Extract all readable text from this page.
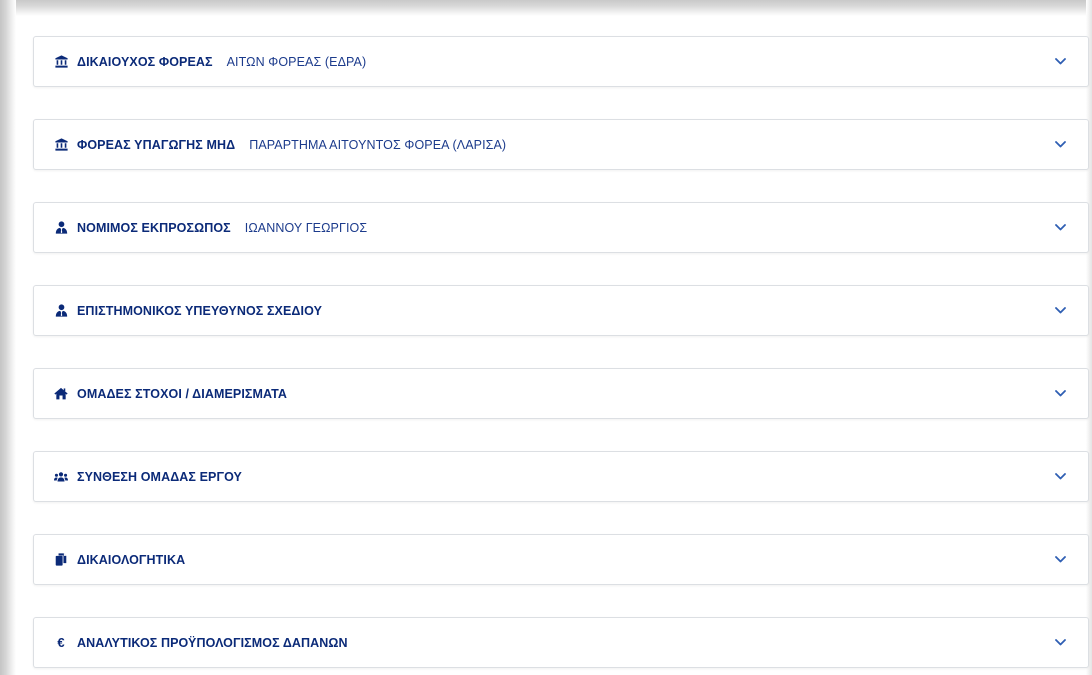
ΔΙΚΑΙΟΥΧΟΣ ΦΟΡΕΑΣ ΑΙΤΩΝ ΦΟΡΕΑΣ (ΕΔΡΑ)
ΦΟΡΕΑΣ ΥΠΑΓΩΓΗΣ ΜΗΔ ΠΑΡΑΡΤΗΜΑ ΑΙΤΟΥΝΤΟΣ ΦΟΡΕΑ (ΛΑΡΙΣΑ)
ΝΟΜΙΜΟΣ ΕΚΠΡΟΣΩΠΟΣ ΙΩΑΝΝΟΥ ΓΕΩΡΓΙΟΣ
ΕΠΙΣΤΗΜΟΝΙΚΟΣ ΥΠΕΥΘΥΝΟΣ ΣΧΕΔΙΟΥ
ΟΜΑΔΕΣ ΣΤΟΧΟΙ / ΔΙΑΜΕΡΙΣΜΑΤΑ
ΣΥΝΘΕΣΗ ΟΜΑΔΑΣ ΕΡΓΟΥ
ΔΙΚΑΙΟΛΟΓΗΤΙΚΑ
€ ΑΝΑΛΥΤΙΚΟΣ ΠΡΟΫΠΟΛΟΓΙΣΜΟΣ ΔΑΠΑΝΩΝ
